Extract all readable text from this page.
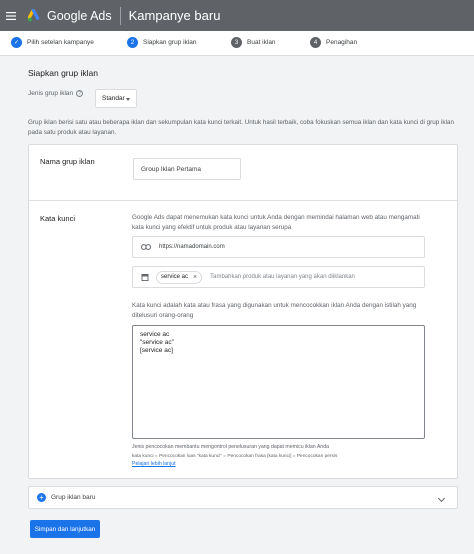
Google Ads Kampanye baru
✓ Pilih setelan kampanye	2 Siapkan grup iklan	3 Buat iklan	4 Penagihan
Siapkan grup iklan
Jenis grup iklan	?
Standar
Grup iklan berisi satu atau beberapa iklan dan sekumpulan kata kunci terkait. Untuk hasil terbaik, coba fokuskan semua iklan dan kata kunci di grup iklan pada satu produk atau layanan.
Nama grup iklan
Group Iklan Pertama
Kata kunci	Google Ads dapat menemukan kata kunci untuk Anda dengan memindai halaman web atau mengamati kata kunci yang efektif untuk produk atau layanan serupa
https://namadomain.com
service ac × Tambahkan produk atau layanan yang akan diiklankan
Kata kunci adalah kata atau frasa yang digunakan untuk mencocokkan iklan Anda dengan istilah yang ditelusuri orang-orang
service ac
"service ac"
[service ac]
Jenis pencocokan membantu mengontrol penelusuran yang dapat memicu iklan Anda
kata kunci = Pencocokan luas "kata kunci" = Pencocokan frasa [kata kunci] = Pencocokan persis
Pelajari lebih lanjut
+	Grup iklan baru
Simpan dan lanjutkan
